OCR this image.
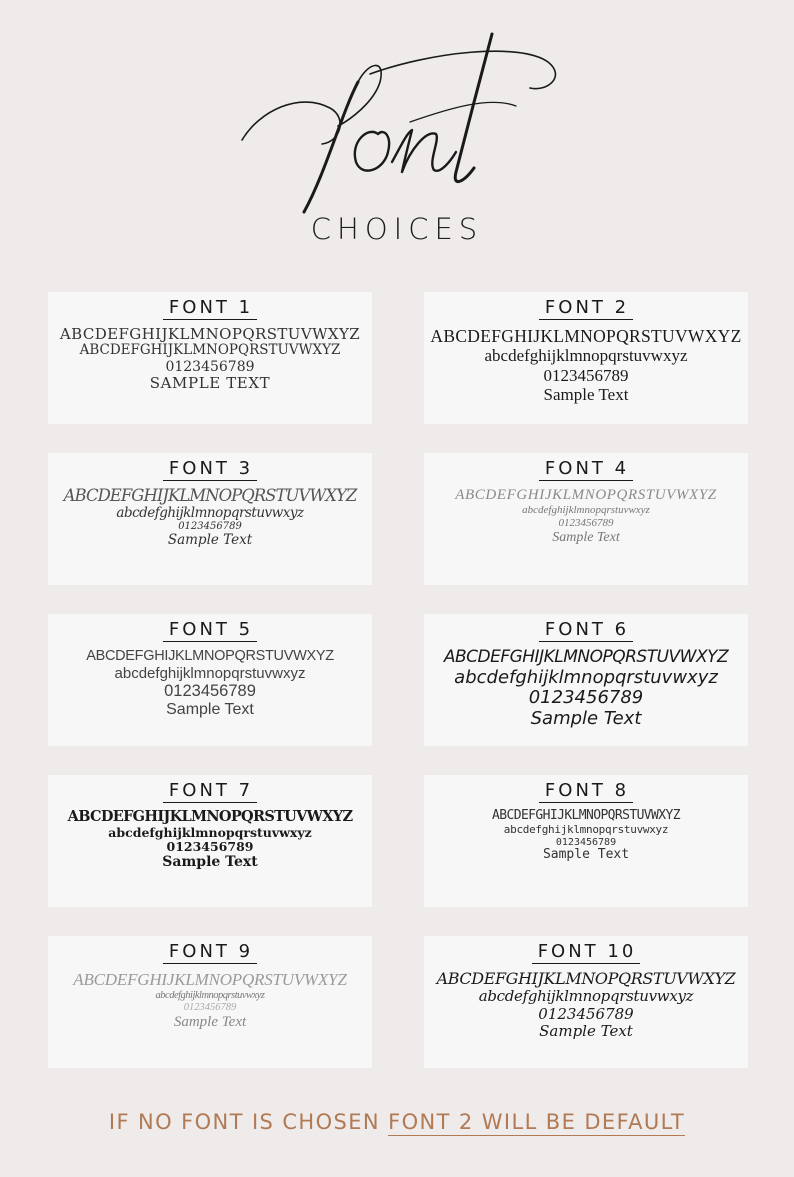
CHOICES
FONT 1
ABCDEFGHIJKLMNOPQRSTUVWXYZ
ABCDEFGHIJKLMNOPQRSTUVWXYZ
0123456789
SAMPLE TEXT
FONT 2
ABCDEFGHIJKLMNOPQRSTUVWXYZ
abcdefghijklmnopqrstuvwxyz
0123456789
Sample Text
FONT 3
ABCDEFGHIJKLMNOPQRSTUVWXYZ
abcdefghijklmnopqrstuvwxyz
0123456789
Sample Text
FONT 4
ABCDEFGHIJKLMNOPQRSTUVWXYZ
abcdefghijklmnopqrstuvwxyz
0123456789
Sample Text
FONT 5
ABCDEFGHIJKLMNOPQRSTUVWXYZ
abcdefghijklmnopqrstuvwxyz
0123456789
Sample Text
FONT 6
ABCDEFGHIJKLMNOPQRSTUVWXYZ
abcdefghijklmnopqrstuvwxyz
0123456789
Sample Text
FONT 7
ABCDEFGHIJKLMNOPQRSTUVWXYZ
abcdefghijklmnopqrstuvwxyz
0123456789
Sample Text
FONT 8
ABCDEFGHIJKLMNOPQRSTUVWXYZ
abcdefghijklmnopqrstuvwxyz
0123456789
Sample Text
FONT 9
ABCDEFGHIJKLMNOPQRSTUVWXYZ
abcdefghijklmnopqrstuvwxyz
0123456789
Sample Text
FONT 10
ABCDEFGHIJKLMNOPQRSTUVWXYZ
abcdefghijklmnopqrstuvwxyz
0123456789
Sample Text
IF NO FONT IS CHOSEN FONT 2 WILL BE DEFAULT
